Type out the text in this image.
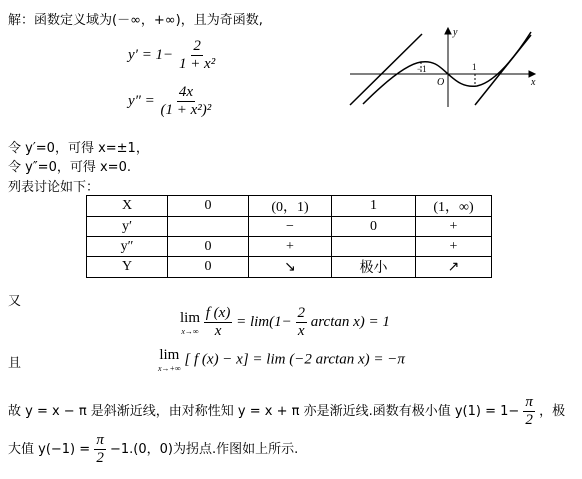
解：函数定义域为(－∞，+∞)，且为奇函数,
$y' = 1- \frac{2}{\text{1 + x²}}$
$y'' = \frac{4x}{\text{(1 + x²)²}}$
y
x
O
−1	1
令 y′=0，可得 x=±1，
令 y″=0，可得 x=0.
列表讨论如下：
X	0	(0，1)	1	(1，∞)
y′		−	0	+
y″	0	+		+
Y	0	↘	极小	↗
又
lim
x→∞
$\frac{f (x)}{x} = \lim(1- \frac{2}{x}$ arctan x) = 1
且
lim
x→+∞
[ f (x) − x] = lim (−2 arctan x) = −π
故 y = x − π 是斜渐近线，由对称性知 y = x + π 亦是渐近线.函数有极小值 $y(1) = 1- \frac{\pi}{2}$ ，极
大值 $y(-1) = \frac{\pi}{2} -1.(0$，0)为拐点.作图如上所示.
